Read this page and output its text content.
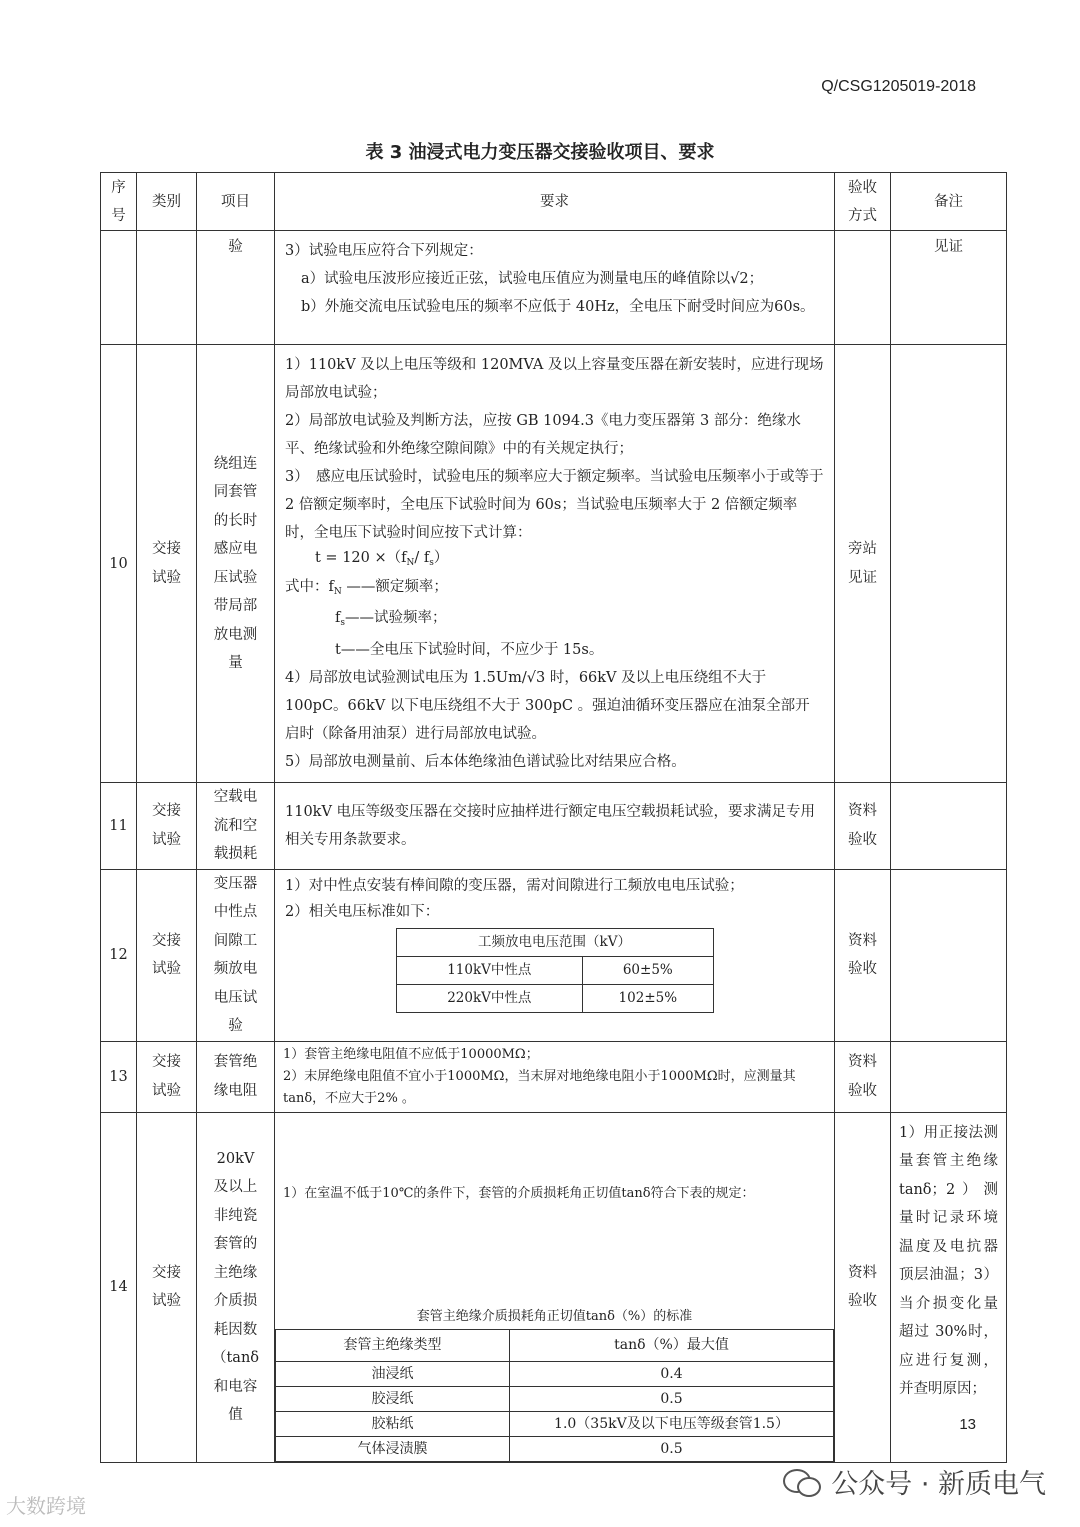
Q/CSG1205019-2018
表 3 油浸式电力变压器交接验收项目、要求
序号	类别	项目	要求	验收方式	备注
		验	3）试验电压应符合下列规定：

a）试验电压波形应接近正弦，试验电压值应为测量电压的峰值除以√2；

b）外施交流电压试验电压的频率不应低于 40Hz，全电压下耐受时间应为60s。

		见证
10	交接试验	绕组连同套管的长时感应电压试验带局部放电测量	

1）110kV 及以上电压等级和 120MVA 及以上容量变压器在新安装时，应进行现场局部放电试验；

2）局部放电试验及判断方法，应按 GB 1094.3《电力变压器第 3 部分：绝缘水平、绝缘试验和外绝缘空隙间隙》中的有关规定执行；

3）　感应电压试验时，试验电压的频率应大于额定频率。当试验电压频率小于或等于 2 倍额定频率时，全电压下试验时间为 60s；当试验电压频率大于 2 倍额定频率时，全电压下试验时间应按下式计算：

$t = 120 \times(f_N/$ $f_s$）

式中：$f_N$ ——额定频率；

$f_s——$试验频率；

t——全电压下试验时间，不应少于 15s。

4）局部放电试验测试电压为 1.5Um/√3 时，66kV 及以上电压绕组不大于 100pC。66kV 以下电压绕组不大于 300pC 。强迫油循环变压器应在油泵全部开启时（除备用油泵）进行局部放电试验。

5）局部放电测量前、后本体绝缘油色谱试验比对结果应合格。

	旁站见证	
11	交接试验	空载电流和空载损耗	110kV 电压等级变压器在交接时应抽样进行额定电压空载损耗试验，要求满足专用相关专用条款要求。	资料验收	
12	交接试验	变压器中性点间隙工频放电电压试验	

1）对中性点安装有棒间隙的变压器，需对间隙进行工频放电电压试验；

2）相关电压标准如下：

工频放电电压范围（kV）
110kV中性点	60±5%
220kV中性点	102±5%
	资料验收	
13	交接试验	套管绝缘电阻	

1）套管主绝缘电阻值不应低于10000MΩ；

2）末屏绝缘电阻值不宜小于1000MΩ，当末屏对地绝缘电阻小于1000MΩ时，应测量其tanδ，不应大于2% 。

	资料验收	
14	交接试验	20kV 及以上非纯瓷套管的主绝缘介质损耗因数（tanδ和电容值	
1）在室温不低于10℃的条件下，套管的介质损耗角正切值tanδ符合下表的规定：
套管主绝缘介质损耗角正切值tanδ（%）的标准
套管主绝缘类型	tanδ（%）最大值
油浸纸	0.4
胶浸纸	0.5
胶粘纸	1.0（35kV及以下电压等级套管1.5）
气体浸渍膜	0.5
	资料验收	1）用正接法测量套管主绝缘 tanδ；2）测量时记录环境温度及电抗器顶层油温；3）当介损变化量超过 30%时，应进行复测，并查明原因；
13
大数跨境
公众号 · 新质电气
